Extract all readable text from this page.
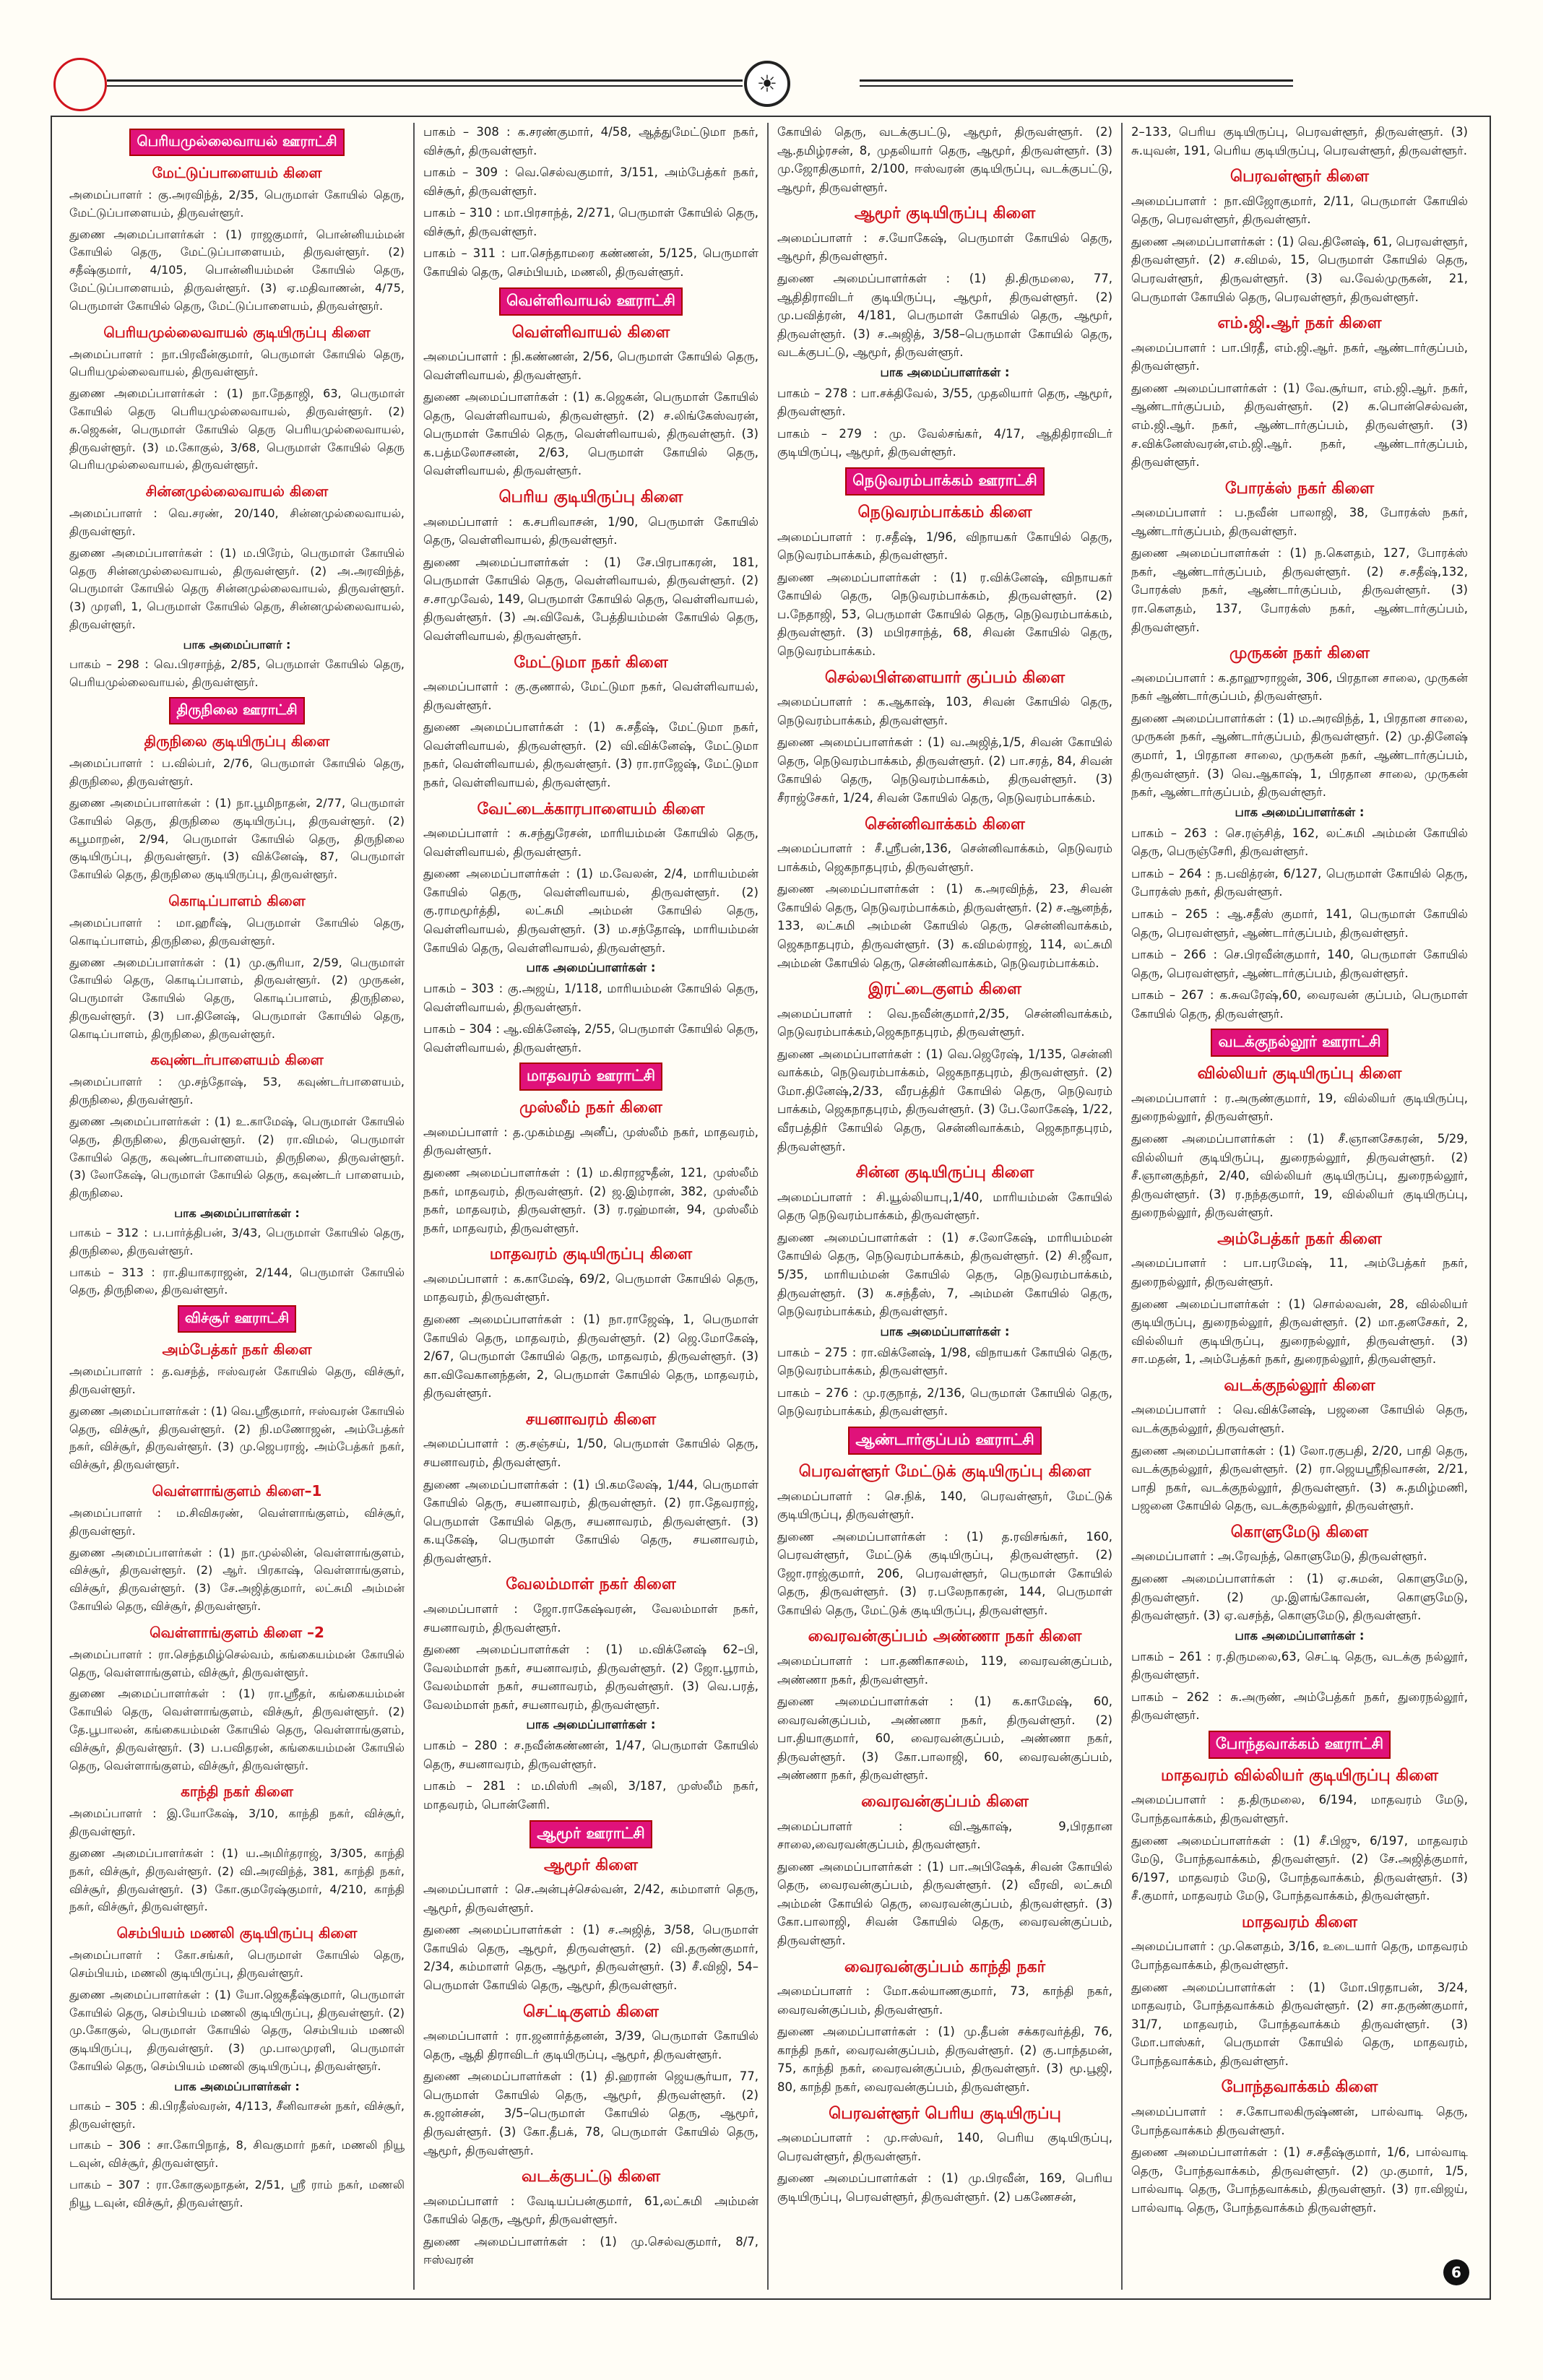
☀
பெரியமுல்லைவாயல் ஊராட்சி
மேட்டுப்பாளையம் கிளை

அமைப்பாளர் : கு.அரவிந்த், 2/35, பெருமாள் கோயில் தெரு, மேட்டுப்பாளையம், திருவள்ளூர்.

துணை அமைப்பாளர்கள் : (1) ராஜகுமார், பொன்னியம்மன் கோயில் தெரு, மேட்டுப்பாளையம், திருவள்ளூர். (2) சதீஷ்குமார், 4/105, பொன்னியம்மன் கோயில் தெரு, மேட்டுப்பாளையம், திருவள்ளூர். (3) ஏ.மதிவாணன், 4/75, பெருமாள் கோயில் தெரு, மேட்டுப்பாளையம், திருவள்ளூர்.

பெரியமுல்லைவாயல் குடியிருப்பு கிளை

அமைப்பாளர் : நா.பிரவீன்குமார், பெருமாள் கோயில் தெரு, பெரியமுல்லைவாயல், திருவள்ளூர்.

துணை அமைப்பாளர்கள் : (1) நா.நேதாஜி, 63, பெருமாள் கோயில் தெரு பெரியமுல்லைவாயல், திருவள்ளூர். (2) சு.ஜெகன், பெருமாள் கோயில் தெரு பெரியமுல்லைவாயல், திருவள்ளூர். (3) ம.கோகுல், 3/68, பெருமாள் கோயில் தெரு பெரியமுல்லைவாயல், திருவள்ளூர்.

சின்னமுல்லைவாயல் கிளை

அமைப்பாளர் : வெ.சரண், 20/140, சின்னமுல்லைவாயல், திருவள்ளூர்.

துணை அமைப்பாளர்கள் : (1) ம.பிரேம், பெருமாள் கோயில் தெரு சின்னமுல்லைவாயல், திருவள்ளூர். (2) அ.அரவிந்த், பெருமாள் கோயில் தெரு சின்னமுல்லைவாயல், திருவள்ளூர். (3) முரளி, 1, பெருமாள் கோயில் தெரு, சின்னமுல்லைவாயல், திருவள்ளூர்.

பாக அமைப்பாளர் :

பாகம் – 298 : வெ.பிரசாந்த், 2/85, பெருமாள் கோயில் தெரு, பெரியமுல்லைவாயல், திருவள்ளூர்.

திருநிலை ஊராட்சி
திருநிலை குடியிருப்பு கிளை

அமைப்பாளர் : ப.வில்பர், 2/76, பெருமாள் கோயில் தெரு, திருநிலை, திருவள்ளூர்.

துணை அமைப்பாளர்கள் : (1) நா.பூமிநாதன், 2/77, பெருமாள் கோயில் தெரு, திருநிலை குடியிருப்பு, திருவள்ளூர். (2) கபூமாறன், 2/94, பெருமாள் கோயில் தெரு, திருநிலை குடியிருப்பு, திருவள்ளூர். (3) விக்னேஷ், 87, பெருமாள் கோயில் தெரு, திருநிலை குடியிருப்பு, திருவள்ளூர்.

கொடிப்பாளம் கிளை

அமைப்பாளர் : மா.ஹரீஷ், பெருமாள் கோயில் தெரு, கொடிப்பாளம், திருநிலை, திருவள்ளூர்.

துணை அமைப்பாளர்கள் : (1) மு.சூரியா, 2/59, பெருமாள் கோயில் தெரு, கொடிப்பாளம், திருவள்ளூர். (2) முருகன், பெருமாள் கோயில் தெரு, கொடிப்பாளம், திருநிலை, திருவள்ளூர். (3) பா.தினேஷ், பெருமாள் கோயில் தெரு, கொடிப்பாளம், திருநிலை, திருவள்ளூர்.

கவுண்டர்பாளையம் கிளை

அமைப்பாளர் : மு.சந்தோஷ், 53, கவுண்டர்பாளையம், திருநிலை, திருவள்ளூர்.

துணை அமைப்பாளர்கள் : (1) உ.காமேஷ், பெருமாள் கோயில் தெரு, திருநிலை, திருவள்ளூர். (2) ரா.விமல், பெருமாள் கோயில் தெரு, கவுண்டர்பாளையம், திருநிலை, திருவள்ளூர். (3) லோகேஷ், பெருமாள் கோயில் தெரு, கவுண்டர் பாளையம், திருநிலை.

பாக அமைப்பாளர்கள் :

பாகம் – 312 : ப.பார்த்திபன், 3/43, பெருமாள் கோயில் தெரு, திருநிலை, திருவள்ளூர்.

பாகம் – 313 : ரா.தியாகராஜன், 2/144, பெருமாள் கோயில் தெரு, திருநிலை, திருவள்ளூர்.

விச்சூர் ஊராட்சி
அம்பேத்கர் நகர் கிளை

அமைப்பாளர் : த.வசந்த், ஈஸ்வரன் கோயில் தெரு, விச்சூர், திருவள்ளூர்.

துணை அமைப்பாளர்கள் : (1) வெ.ஸ்ரீகுமார், ஈஸ்வரன் கோயில் தெரு, விச்சூர், திருவள்ளூர். (2) நி.மணோஜன், அம்பேத்கர் நகர், விச்சூர், திருவள்ளூர். (3) மு.ஜெபராஜ், அம்பேத்கர் நகர், விச்சூர், திருவள்ளூர்.

வெள்ளாங்குளம் கிளை–1

அமைப்பாளர் : ம.சிவிசுரண், வெள்ளாங்குளம், விச்சூர், திருவள்ளூர்.

துணை அமைப்பாளர்கள் : (1) நா.முல்லின், வெள்ளாங்குளம், விச்சூர், திருவள்ளூர். (2) ஆர். பிரகாஷ், வெள்ளாங்குளம், விச்சூர், திருவள்ளூர். (3) சே.அஜித்குமார், லட்சுமி அம்மன் கோயில் தெரு, விச்சூர், திருவள்ளூர்.

வெள்ளாங்குளம் கிளை –2

அமைப்பாளர் : ரா.செந்தமிழ்செல்வம், கங்கையம்மன் கோயில் தெரு, வெள்ளாங்குளம், விச்சூர், திருவள்ளூர்.

துணை அமைப்பாளர்கள் : (1) ரா.ஸ்ரீதர், கங்கையம்மன் கோயில் தெரு, வெள்ளாங்குளம், விச்சூர், திருவள்ளூர். (2) தே.பூபாலன், கங்கையம்மன் கோயில் தெரு, வெள்ளாங்குளம், விச்சூர், திருவள்ளூர். (3) ப.பவிதரன், கங்கையம்மன் கோயில் தெரு, வெள்ளாங்குளம், விச்சூர், திருவள்ளூர்.

காந்தி நகர் கிளை

அமைப்பாளர் : இ.யோகேஷ், 3/10, காந்தி நகர், விச்சூர், திருவள்ளூர்.

துணை அமைப்பாளர்கள் : (1) ய.அமிர்தராஜ், 3/305, காந்தி நகர், விச்சூர், திருவள்ளூர். (2) வி.அரவிந்த், 381, காந்தி நகர், விச்சூர், திருவள்ளூர். (3) கோ.குமரேஷ்குமார், 4/210, காந்தி நகர், விச்சூர், திருவள்ளூர்.

செம்பியம் மணலி குடியிருப்பு கிளை

அமைப்பாளர் : கோ.சங்கர், பெருமாள் கோயில் தெரு, செம்பியம், மணலி குடியிருப்பு, திருவள்ளூர்.

துணை அமைப்பாளர்கள் : (1) யோ.ஜெகதீஷ்குமார், பெருமாள் கோயில் தெரு, செம்பியம் மணலி குடியிருப்பு, திருவள்ளூர். (2) மு.கோகுல், பெருமாள் கோயில் தெரு, செம்பியம் மணலி குடியிருப்பு, திருவள்ளூர். (3) மு.பாலமுரளி, பெருமாள் கோயில் தெரு, செம்பியம் மணலி குடியிருப்பு, திருவள்ளூர்.

பாக அமைப்பாளர்கள் :

பாகம் – 305 : கி.பிரதீஸ்வரன், 4/113, சீனிவாசன் நகர், விச்சூர், திருவள்ளூர்.

பாகம் – 306 : சா.கோபிநாத், 8, சிவகுமார் நகர், மணலி நியூ டவுன், விச்சூர், திருவள்ளூர்.

பாகம் – 307 : ரா.கோகுலநாதன், 2/51, ஸ்ரீ ராம் நகர், மணலி நியூ டவுன், விச்சூர், திருவள்ளூர்.

பாகம் – 308 : க.சரண்குமார், 4/58, ஆத்துமேட்டுமா நகர், விச்சூர், திருவள்ளூர்.

பாகம் – 309 : வெ.செல்வகுமார், 3/151, அம்பேத்கர் நகர், விச்சூர், திருவள்ளூர்.

பாகம் – 310 : மா.பிரசாந்த், 2/271, பெருமாள் கோயில் தெரு, விச்சூர், திருவள்ளூர்.

பாகம் – 311 : பா.செந்தாமரை கண்ணன், 5/125, பெருமாள் கோயில் தெரு, செம்பியம், மணலி, திருவள்ளூர்.

வெள்ளிவாயல் ஊராட்சி
வெள்ளிவாயல் கிளை

அமைப்பாளர் : நி.கண்ணன், 2/56, பெருமாள் கோயில் தெரு, வெள்ளிவாயல், திருவள்ளூர்.

துணை அமைப்பாளர்கள் : (1) க.ஜெகன், பெருமாள் கோயில் தெரு, வெள்ளிவாயல், திருவள்ளூர். (2) ச.லிங்கேஸ்வரன், பெருமாள் கோயில் தெரு, வெள்ளிவாயல், திருவள்ளூர். (3) க.பத்மலோசனன், 2/63, பெருமாள் கோயில் தெரு, வெள்ளிவாயல், திருவள்ளூர்.

பெரிய குடியிருப்பு கிளை

அமைப்பாளர் : க.சபரிவாசன், 1/90, பெருமாள் கோயில் தெரு, வெள்ளிவாயல், திருவள்ளூர்.

துணை அமைப்பாளர்கள் : (1) சே.பிரபாகரன், 181, பெருமாள் கோயில் தெரு, வெள்ளிவாயல், திருவள்ளூர். (2) ச.சாமுவேல், 149, பெருமாள் கோயில் தெரு, வெள்ளிவாயல், திருவள்ளூர். (3) அ.விவேக், பேத்தியம்மன் கோயில் தெரு, வெள்ளிவாயல், திருவள்ளூர்.

மேட்டுமா நகர் கிளை

அமைப்பாளர் : கு.குணால், மேட்டுமா நகர், வெள்ளிவாயல், திருவள்ளூர்.

துணை அமைப்பாளர்கள் : (1) சு.சதீஷ், மேட்டுமா நகர், வெள்ளிவாயல், திருவள்ளூர். (2) வி.விக்னேஷ், மேட்டுமா நகர், வெள்ளிவாயல், திருவள்ளூர். (3) ரா.ராஜேஷ், மேட்டுமா நகர், வெள்ளிவாயல், திருவள்ளூர்.

வேட்டைக்காரபாளையம் கிளை

அமைப்பாளர் : சு.சந்துரேசன், மாரியம்மன் கோயில் தெரு, வெள்ளிவாயல், திருவள்ளூர்.

துணை அமைப்பாளர்கள் : (1) ம.வேலன், 2/4, மாரியம்மன் கோயில் தெரு, வெள்ளிவாயல், திருவள்ளூர். (2) கு.ராமமூர்த்தி, லட்சுமி அம்மன் கோயில் தெரு, வெள்ளிவாயல், திருவள்ளூர். (3) ம.சந்தோஷ், மாரியம்மன் கோயில் தெரு, வெள்ளிவாயல், திருவள்ளூர்.

பாக அமைப்பாளர்கள் :

பாகம் – 303 : கு.அஜய், 1/118, மாரியம்மன் கோயில் தெரு, வெள்ளிவாயல், திருவள்ளூர்.

பாகம் – 304 : ஆ.விக்னேஷ், 2/55, பெருமாள் கோயில் தெரு, வெள்ளிவாயல், திருவள்ளூர்.

மாதவரம் ஊராட்சி
முஸ்லீம் நகர் கிளை

அமைப்பாளர் : த.முகம்மது அனீப், முஸ்லீம் நகர், மாதவரம், திருவள்ளூர்.

துணை அமைப்பாளர்கள் : (1) ம.கிராஜுதீன், 121, முஸ்லீம் நகர், மாதவரம், திருவள்ளூர். (2) ஜ.இம்ரான், 382, முஸ்லீம் நகர், மாதவரம், திருவள்ளூர். (3) ர.ரஹ்மான், 94, முஸ்லீம் நகர், மாதவரம், திருவள்ளூர்.

மாதவரம் குடியிருப்பு கிளை

அமைப்பாளர் : க.காமேஷ், 69/2, பெருமாள் கோயில் தெரு, மாதவரம், திருவள்ளூர்.

துணை அமைப்பாளர்கள் : (1) நா.ராஜேஷ், 1, பெருமாள் கோயில் தெரு, மாதவரம், திருவள்ளூர். (2) ஜெ.மோகேஷ், 2/67, பெருமாள் கோயில் தெரு, மாதவரம், திருவள்ளூர். (3) கா.விவேகானந்தன், 2, பெருமாள் கோயில் தெரு, மாதவரம், திருவள்ளூர்.

சயனாவரம் கிளை

அமைப்பாளர் : கு.சஞ்சய், 1/50, பெருமாள் கோயில் தெரு, சயனாவரம், திருவள்ளூர்.

துணை அமைப்பாளர்கள் : (1) பி.கமலேஷ், 1/44, பெருமாள் கோயில் தெரு, சயனாவரம், திருவள்ளூர். (2) ரா.தேவராஜ், பெருமாள் கோயில் தெரு, சயனாவரம், திருவள்ளூர். (3) க.யுகேஷ், பெருமாள் கோயில் தெரு, சயனாவரம், திருவள்ளூர்.

வேலம்மாள் நகர் கிளை

அமைப்பாளர் : ஜோ.ராகேஷ்வரன், வேலம்மாள் நகர், சயனாவரம், திருவள்ளூர்.

துணை அமைப்பாளர்கள் : (1) ம.விக்னேஷ் 62–பி, வேலம்மாள் நகர், சயனாவரம், திருவள்ளூர். (2) ஜோ.பூராம், வேலம்மாள் நகர், சயனாவரம், திருவள்ளூர். (3) வெ.பரத், வேலம்மாள் நகர், சயனாவரம், திருவள்ளூர்.

பாக அமைப்பாளர்கள் :

பாகம் – 280 : ச.நவீன்கண்ணன், 1/47, பெருமாள் கோயில் தெரு, சயனாவரம், திருவள்ளூர்.

பாகம் – 281 : ம.மிஸ்ரி அலி, 3/187, முஸ்லீம் நகர், மாதவரம், பொன்னேரி.

ஆமூர் ஊராட்சி
ஆமூர் கிளை

அமைப்பாளர் : செ.அன்புச்செல்வன், 2/42, கம்மாளர் தெரு, ஆமூர், திருவள்ளூர்.

துணை அமைப்பாளர்கள் : (1) ச.அஜித், 3/58, பெருமாள் கோயில் தெரு, ஆமூர், திருவள்ளூர். (2) வி.தருண்குமார், 2/34, கம்மாளர் தெரு, ஆமூர், திருவள்ளூர். (3) சீ.விஜி, 54–பெருமாள் கோயில் தெரு, ஆமூர், திருவள்ளூர்.

செட்டிகுளம் கிளை

அமைப்பாளர் : ரா.ஜனார்த்தனன், 3/39, பெருமாள் கோயில் தெரு, ஆதி திராவிடர் குடியிருப்பு, ஆமூர், திருவள்ளூர்.

துணை அமைப்பாளர்கள் : (1) தி.ஹரான் ஜெயசூர்யா, 77, பெருமாள் கோயில் தெரு, ஆமூர், திருவள்ளூர். (2) சு.ஜான்சன், 3/5–பெருமாள் கோயில் தெரு, ஆமூர், திருவள்ளூர். (3) கோ.தீபக், 78, பெருமாள் கோயில் தெரு, ஆமூர், திருவள்ளூர்.

வடக்குபட்டு கிளை

அமைப்பாளர் : வேடியப்பன்குமார், 61,லட்சுமி அம்மன் கோயில் தெரு, ஆமூர், திருவள்ளூர்.

துணை அமைப்பாளர்கள் : (1) மு.செல்வகுமார், 8/7, ஈஸ்வரன்

கோயில் தெரு, வடக்குபட்டு, ஆமூர், திருவள்ளூர். (2) ஆ.தமிழ்ரசன், 8, முதலியார் தெரு, ஆமூர், திருவள்ளூர். (3) மு.ஜோதிகுமார், 2/100, ஈஸ்வரன் குடியிருப்பு, வடக்குபட்டு, ஆமூர், திருவள்ளூர்.

ஆமூர் குடியிருப்பு கிளை

அமைப்பாளர் : ச.யோகேஷ், பெருமாள் கோயில் தெரு, ஆமூர், திருவள்ளூர்.

துணை அமைப்பாளர்கள் : (1) தி.திருமலை, 77, ஆதிதிராவிடர் குடியிருப்பு, ஆமூர், திருவள்ளூர். (2) மு.பவித்ரன், 4/181, பெருமாள் கோயில் தெரு, ஆமூர், திருவள்ளூர். (3) ச.அஜித், 3/58–பெருமாள் கோயில் தெரு, வடக்குபட்டு, ஆமூர், திருவள்ளூர்.

பாக அமைப்பாளர்கள் :

பாகம் – 278 : பா.சக்திவேல், 3/55, முதலியார் தெரு, ஆமூர், திருவள்ளூர்.

பாகம் – 279 : மு. வேல்சங்கர், 4/17, ஆதிதிராவிடர் குடியிருப்பு, ஆமூர், திருவள்ளூர்.

நெடுவரம்பாக்கம் ஊராட்சி
நெடுவரம்பாக்கம் கிளை

அமைப்பாளர் : ர.சதீஷ், 1/96, விநாயகர் கோயில் தெரு, நெடுவரம்பாக்கம், திருவள்ளூர்.

துணை அமைப்பாளர்கள் : (1) ர.விக்னேஷ், விநாயகர் கோயில் தெரு, நெடுவரம்பாக்கம், திருவள்ளூர். (2) ப.நேதாஜி, 53, பெருமாள் கோயில் தெரு, நெடுவரம்பாக்கம், திருவள்ளூர். (3) மபிரசாந்த், 68, சிவன் கோயில் தெரு, நெடுவரம்பாக்கம்.

செல்லபிள்ளையார் குப்பம் கிளை

அமைப்பாளர் : க.ஆகாஷ், 103, சிவன் கோயில் தெரு, நெடுவரம்பாக்கம், திருவள்ளூர்.

துணை அமைப்பாளர்கள் : (1) வ.அஜித்,1/5, சிவன் கோயில் தெரு, நெடுவரம்பாக்கம், திருவள்ளூர். (2) பா.சரத், 84, சிவன் கோயில் தெரு, நெடுவரம்பாக்கம், திருவள்ளூர். (3) சீராஜ்சேகர், 1/24, சிவன் கோயில் தெரு, நெடுவரம்பாக்கம்.

சென்னிவாக்கம் கிளை

அமைப்பாளர் : சீ.ஸ்ரீபன்,136, சென்னிவாக்கம், நெடுவரம் பாக்கம், ஜெகநாதபுரம், திருவள்ளூர்.

துணை அமைப்பாளர்கள் : (1) க.அரவிந்த், 23, சிவன் கோயில் தெரு, நெடுவரம்பாக்கம், திருவள்ளூர். (2) ச.ஆனந்த், 133, லட்சுமி அம்மன் கோயில் தெரு, சென்னிவாக்கம், ஜெகநாதபுரம், திருவள்ளூர். (3) க.விமல்ராஜ், 114, லட்சுமி அம்மன் கோயில் தெரு, சென்னிவாக்கம், நெடுவரம்பாக்கம்.

இரட்டைகுளம் கிளை

அமைப்பாளர் : வெ.நவீன்குமார்,2/35, சென்னிவாக்கம், நெடுவரம்பாக்கம்,ஜெகநாதபுரம், திருவள்ளூர்.

துணை அமைப்பாளர்கள் : (1) வெ.ஜெரேஷ், 1/135, சென்னி வாக்கம், நெடுவரம்பாக்கம், ஜெகநாதபுரம், திருவள்ளூர். (2) மோ.தினேஷ்,2/33, வீரபத்திர் கோயில் தெரு, நெடுவரம் பாக்கம், ஜெகநாதபுரம், திருவள்ளூர். (3) பே.லோகேஷ், 1/22, வீரபத்திர் கோயில் தெரு, சென்னிவாக்கம், ஜெகநாதபுரம், திருவள்ளூர்.

சின்ன குடியிருப்பு கிளை

அமைப்பாளர் : சி.யூல்லியாபு,1/40, மாரியம்மன் கோயில் தெரு நெடுவரம்பாக்கம், திருவள்ளூர்.

துணை அமைப்பாளர்கள் : (1) ச.லோகேஷ், மாரியம்மன் கோயில் தெரு, நெடுவரம்பாக்கம், திருவள்ளூர். (2) சி.ஜீவா, 5/35, மாரியம்மன் கோயில் தெரு, நெடுவரம்பாக்கம், திருவள்ளூர். (3) க.சந்தீஸ், 7, அம்மன் கோயில் தெரு, நெடுவரம்பாக்கம், திருவள்ளூர்.

பாக அமைப்பாளர்கள் :

பாகம் – 275 : ரா.விக்னேஷ், 1/98, விநாயகர் கோயில் தெரு, நெடுவரம்பாக்கம், திருவள்ளூர்.

பாகம் – 276 : மு.ரகுநாத், 2/136, பெருமாள் கோயில் தெரு, நெடுவரம்பாக்கம், திருவள்ளூர்.

ஆண்டார்குப்பம் ஊராட்சி
பெரவள்ளூர் மேட்டுக் குடியிருப்பு கிளை

அமைப்பாளர் : செ.நிக், 140, பெரவள்ளூர், மேட்டுக் குடியிருப்பு, திருவள்ளூர்.

துணை அமைப்பாளர்கள் : (1) த.ரவிசங்கர், 160, பெரவள்ளூர், மேட்டுக் குடியிருப்பு, திருவள்ளூர். (2) ஜோ.ராஜ்குமார், 206, பெரவள்ளூர், பெருமாள் கோயில் தெரு, திருவள்ளூர். (3) ர.பலேநாகரன், 144, பெருமாள் கோயில் தெரு, மேட்டுக் குடியிருப்பு, திருவள்ளூர்.

வைரவன்குப்பம் அண்ணா நகர் கிளை

அமைப்பாளர் : பா.தணிகாசலம், 119, வைரவன்குப்பம், அண்ணா நகர், திருவள்ளூர்.

துணை அமைப்பாளர்கள் : (1) க.காமேஷ், 60, வைரவன்குப்பம், அண்ணா நகர், திருவள்ளூர். (2) பா.தியாகுமார், 60, வைரவன்குப்பம், அண்ணா நகர், திருவள்ளூர். (3) கோ.பாலாஜி, 60, வைரவன்குப்பம், அண்ணா நகர், திருவள்ளூர்.

வைரவன்குப்பம் கிளை

அமைப்பாளர் : வி.ஆகாஷ், 9,பிரதான சாலை,வைரவன்குப்பம், திருவள்ளூர்.

துணை அமைப்பாளர்கள் : (1) பா.அபிஷேக், சிவன் கோயில் தெரு, வைரவன்குப்பம், திருவள்ளூர். (2) வீரவி, லட்சுமி அம்மன் கோயில் தெரு, வைரவன்குப்பம், திருவள்ளூர். (3) கோ.பாலாஜி, சிவன் கோயில் தெரு, வைரவன்குப்பம், திருவள்ளூர்.

வைரவன்குப்பம் காந்தி நகர்

அமைப்பாளர் : மோ.கல்யாணகுமார், 73, காந்தி நகர், வைரவன்குப்பம், திருவள்ளூர்.

துணை அமைப்பாளர்கள் : (1) மு.தீபன் சக்கரவர்த்தி, 76, காந்தி நகர், வைரவன்குப்பம், திருவள்ளூர். (2) கு.பாந்தமன், 75, காந்தி நகர், வைரவன்குப்பம், திருவள்ளூர். (3) மூ.பூஜி, 80, காந்தி நகர், வைரவன்குப்பம், திருவள்ளூர்.

பெரவள்ளூர் பெரிய குடியிருப்பு

அமைப்பாளர் : மு.ஈஸ்வர், 140, பெரிய குடியிருப்பு, பெரவள்ளூர், திருவள்ளூர்.

துணை அமைப்பாளர்கள் : (1) மு.பிரவீன், 169, பெரிய குடியிருப்பு, பெரவள்ளூர், திருவள்ளூர். (2) பகணேசன்,

2–133, பெரிய குடியிருப்பு, பெரவள்ளூர், திருவள்ளூர். (3) சு.யுவன், 191, பெரிய குடியிருப்பு, பெரவள்ளூர், திருவள்ளூர்.

பெரவள்ளூர் கிளை

அமைப்பாளர் : நா.விஜோகுமார், 2/11, பெருமாள் கோயில் தெரு, பெரவள்ளூர், திருவள்ளூர்.

துணை அமைப்பாளர்கள் : (1) வெ.தினேஷ், 61, பெரவள்ளூர், திருவள்ளூர். (2) ச.விமல், 15, பெருமாள் கோயில் தெரு, பெரவள்ளூர், திருவள்ளூர். (3) வ.வேல்முருகன், 21, பெருமாள் கோயில் தெரு, பெரவள்ளூர், திருவள்ளூர்.

எம்.ஜி.ஆர் நகர் கிளை

அமைப்பாளர் : பா.பிரதீ, எம்.ஜி.ஆர். நகர், ஆண்டார்குப்பம், திருவள்ளூர்.

துணை அமைப்பாளர்கள் : (1) வே.சூர்யா, எம்.ஜி.ஆர். நகர், ஆண்டார்குப்பம், திருவள்ளூர். (2) க.பொன்செல்வன், எம்.ஜி.ஆர். நகர், ஆண்டார்குப்பம், திருவள்ளூர். (3) ச.விக்னேஸ்வரன்,எம்.ஜி.ஆர். நகர், ஆண்டார்குப்பம், திருவள்ளூர்.

போரக்ஸ் நகர் கிளை

அமைப்பாளர் : ப.நவீன் பாலாஜி, 38, போரக்ஸ் நகர், ஆண்டார்குப்பம், திருவள்ளூர்.

துணை அமைப்பாளர்கள் : (1) ந.கௌதம், 127, போரக்ஸ் நகர், ஆண்டார்குப்பம், திருவள்ளூர். (2) ச.சதீஷ்,132, போரக்ஸ் நகர், ஆண்டார்குப்பம், திருவள்ளூர். (3) ரா.கௌதம், 137, போரக்ஸ் நகர், ஆண்டார்குப்பம், திருவள்ளூர்.

முருகன் நகர் கிளை

அமைப்பாளர் : க.தாஹுராஜன், 306, பிரதான சாலை, முருகன் நகர் ஆண்டார்குப்பம், திருவள்ளூர்.

துணை அமைப்பாளர்கள் : (1) ம.அரவிந்த், 1, பிரதான சாலை, முருகன் நகர், ஆண்டார்குப்பம், திருவள்ளூர். (2) மு.தினேஷ் குமார், 1, பிரதான சாலை, முருகன் நகர், ஆண்டார்குப்பம், திருவள்ளூர். (3) வெ.ஆகாஷ், 1, பிரதான சாலை, முருகன் நகர், ஆண்டார்குப்பம், திருவள்ளூர்.

பாக அமைப்பாளர்கள் :

பாகம் – 263 : செ.ரஞ்சித், 162, லட்சுமி அம்மன் கோயில் தெரு, பெருஞ்சேரி, திருவள்ளூர்.

பாகம் – 264 : ந.பவித்ரன், 6/127, பெருமாள் கோயில் தெரு, போரக்ஸ் நகர், திருவள்ளூர்.

பாகம் – 265 : ஆ.சதீஸ் குமார், 141, பெருமாள் கோயில் தெரு, பெரவள்ளூர், ஆண்டார்குப்பம், திருவள்ளூர்.

பாகம் – 266 : செ.பிரவீன்குமார், 140, பெருமாள் கோயில் தெரு, பெரவள்ளூர், ஆண்டார்குப்பம், திருவள்ளூர்.

பாகம் – 267 : க.சுவரேஷ்,60, வைரவன் குப்பம், பெருமாள் கோயில் தெரு, திருவள்ளூர்.

வடக்குநல்லூர் ஊராட்சி
வில்லியர் குடியிருப்பு கிளை

அமைப்பாளர் : ர.அருண்குமார், 19, வில்லியர் குடியிருப்பு, துரைநல்லூர், திருவள்ளூர்.

துணை அமைப்பாளர்கள் : (1) சீ.ஞானசேகரன், 5/29, வில்லியர் குடியிருப்பு, துரைநல்லூர், திருவள்ளூர். (2) சீ.ஞானகுந்தர், 2/40, வில்லியர் குடியிருப்பு, துரைநல்லூர், திருவள்ளூர். (3) ர.நந்தகுமார், 19, வில்லியர் குடியிருப்பு, துரைநல்லூர், திருவள்ளூர்.

அம்பேத்கர் நகர் கிளை

அமைப்பாளர் : பா.பரமேஷ், 11, அம்பேத்கர் நகர், துரைநல்லூர், திருவள்ளூர்.

துணை அமைப்பாளர்கள் : (1) சொல்லவன், 28, வில்லியர் குடியிருப்பு, துரைநல்லூர், திருவள்ளூர். (2) மா.தனசேகர், 2, வில்லியர் குடியிருப்பு, துரைநல்லூர், திருவள்ளூர். (3) சா.மதன், 1, அம்பேத்கர் நகர், துரைநல்லூர், திருவள்ளூர்.

வடக்குநல்லூர் கிளை

அமைப்பாளர் : வெ.விக்னேஷ், பஜனை கோயில் தெரு, வடக்குநல்லூர், திருவள்ளூர்.

துணை அமைப்பாளர்கள் : (1) லோ.ரகுபதி, 2/20, பாதி தெரு, வடக்குநல்லூர், திருவள்ளூர். (2) ரா.ஜெயஸ்ரீநிவாசன், 2/21, பாதி நகர், வடக்குநல்லூர், திருவள்ளூர். (3) சு.தமிழ்மணி, பஜனை கோயில் தெரு, வடக்குநல்லூர், திருவள்ளூர்.

கொளுமேடு கிளை

அமைப்பாளர் : அ.ரேவந்த், கொளுமேடு, திருவள்ளூர்.

துணை அமைப்பாளர்கள் : (1) ஏ.சுமன், கொளுமேடு, திருவள்ளூர். (2) மு.இளங்கோவன், கொளுமேடு, திருவள்ளூர். (3) ஏ.வசந்த், கொளுமேடு, திருவள்ளூர்.

பாக அமைப்பாளர்கள் :

பாகம் – 261 : ர.திருமலை,63, செட்டி தெரு, வடக்கு நல்லூர், திருவள்ளூர்.

பாகம் – 262 : சு.அருண், அம்பேத்கர் நகர், துரைநல்லூர், திருவள்ளூர்.

போந்தவாக்கம் ஊராட்சி
மாதவரம் வில்லியர் குடியிருப்பு கிளை

அமைப்பாளர் : த.திருமலை, 6/194, மாதவரம் மேடு, போந்தவாக்கம், திருவள்ளூர்.

துணை அமைப்பாளர்கள் : (1) சீ.பிஜு, 6/197, மாதவரம் மேடு, போந்தவாக்கம், திருவள்ளூர். (2) சே.அஜித்குமார், 6/197, மாதவரம் மேடு, போந்தவாக்கம், திருவள்ளூர். (3) சீ.குமார், மாதவரம் மேடு, போந்தவாக்கம், திருவள்ளூர்.

மாதவரம் கிளை

அமைப்பாளர் : மு.கௌதம், 3/16, உடையார் தெரு, மாதவரம் போந்தவாக்கம், திருவள்ளூர்.

துணை அமைப்பாளர்கள் : (1) மோ.பிரதாபன், 3/24, மாதவரம், போந்தவாக்கம் திருவள்ளூர். (2) சா.தருண்குமார், 31/7, மாதவரம், போந்தவாக்கம் திருவள்ளூர். (3) மோ.பாஸ்கர், பெருமாள் கோயில் தெரு, மாதவரம், போந்தவாக்கம், திருவள்ளூர்.

போந்தவாக்கம் கிளை

அமைப்பாளர் : ச.கோபாலகிருஷ்ணன், பால்வாடி தெரு, போந்தவாக்கம் திருவள்ளூர்.

துணை அமைப்பாளர்கள் : (1) ச.சதீஷ்குமார், 1/6, பால்வாடி தெரு, போந்தவாக்கம், திருவள்ளூர். (2) மு.குமார், 1/5, பால்வாடி தெரு, போந்தவாக்கம், திருவள்ளூர். (3) ரா.விஜய், பால்வாடி தெரு, போந்தவாக்கம் திருவள்ளூர்.

6
